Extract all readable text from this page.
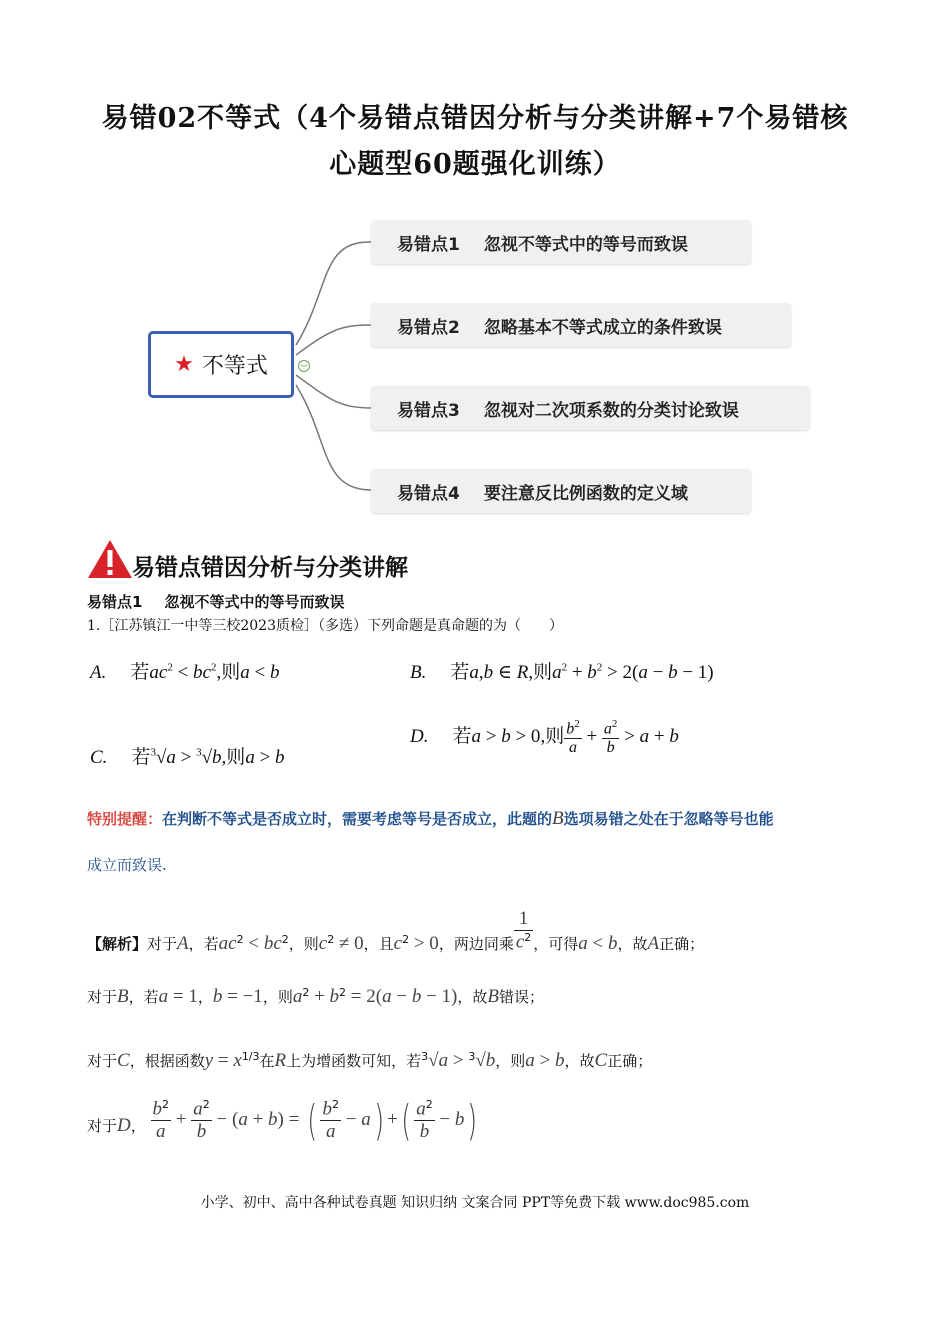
易错02不等式（4个易错点错因分析与分类讲解+7个易错核
心题型60题强化训练）
★ 不等式	−
易错点1 忽视不等式中的等号而致误
易错点2 忽略基本不等式成立的条件致误
易错点3 忽视对二次项系数的分类讨论致误
易错点4 要注意反比例函数的定义域
易错点错因分析与分类讲解
易错点1 忽视不等式中的等号而致误
1.［江苏镇江一中等三校2023质检］（多选）下列命题是真命题的为（　　）
A. 若$ac^2 < bc^2$,则a < b	B. 若a,b ∈ R,则$a^2 + b^2 > 2(a - b - 1)$
C. 若$^3$√a > $^3$√b,则a > b
D. 若a > b > 0,则 $\frac{b^2}{a} + \frac{a^2}{b} > a + b$
特别提醒：在判断不等式是否成立时，需要考虑等号是否成立，此题的B选项易错之处在于忽略等号也能
成立而致误.
【解析】对于A，若$ac^2 < bc^2$，则$c^2 \ne 0$，且$c^2 > 0$，两边同乘 $\frac{1}{c^2}$ ，可得a < b，故A正确；
对于B，若a = 1，b = −1，则$a^2 + b^2 = 2(a - b - 1)$，故B错误；
对于C，根据函数$y = x^{1/3}$在R上为增函数可知，若$^3$√a > $^3$√b，则a > b，故C正确；
对于D， $\frac{b^2}{a} + \frac{a^2}{b} - (a + b)$ = ( $\frac{b^2}{a} - a$) +( $\frac{a^2}{b} - b$)
小学、初中、高中各种试卷真题 知识归纳 文案合同 PPT等免费下载 www.doc985.com
